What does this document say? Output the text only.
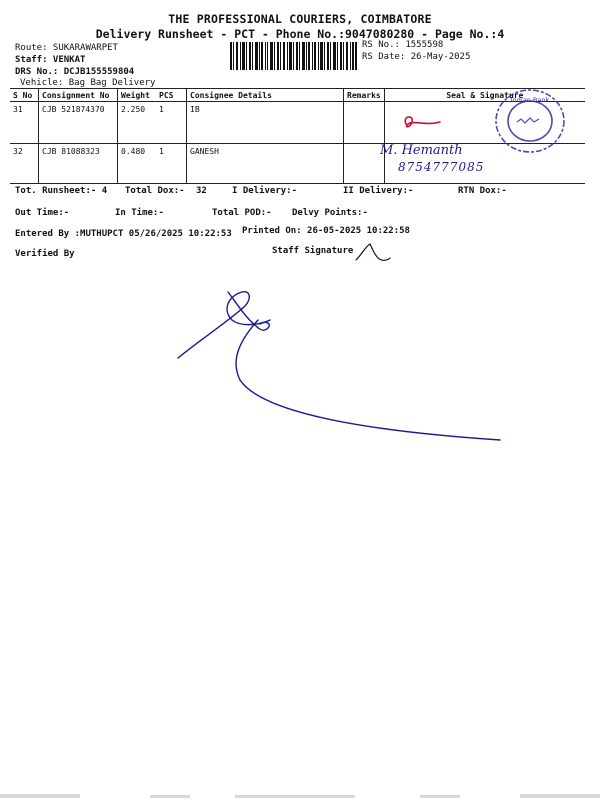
THE PROFESSIONAL COURIERS, COIMBATORE
Delivery Runsheet - PCT - Phone No.:9047080280 - Page No.:4
Route: SUKARAWARPET
Staff: VENKAT
DRS No.: DCJB155559804
Vehicle: Bag Bag Delivery
RS No.: 1555598
RS Date: 26-May-2025
S No	Consignment No	Weight	PCS	Consignee Details	Remarks	Seal & Signature
31	CJB 521874370	2.250	1	IB		
32	CJB 81088323	0.480	1	GANESH		
Indian Bank
M. Hemanth
8754777085
Tot. Runsheet:- 4 Total Dox:- 32	I Delivery:-	II Delivery:-	RTN Dox:-
Out Time:-	In Time:-	Total POD:- Delvy Points:-
Entered By :MUTHUPCT 05/26/2025 10:22:53 Printed On: 26-05-2025 10:22:58
Verified By	Staff Signature
